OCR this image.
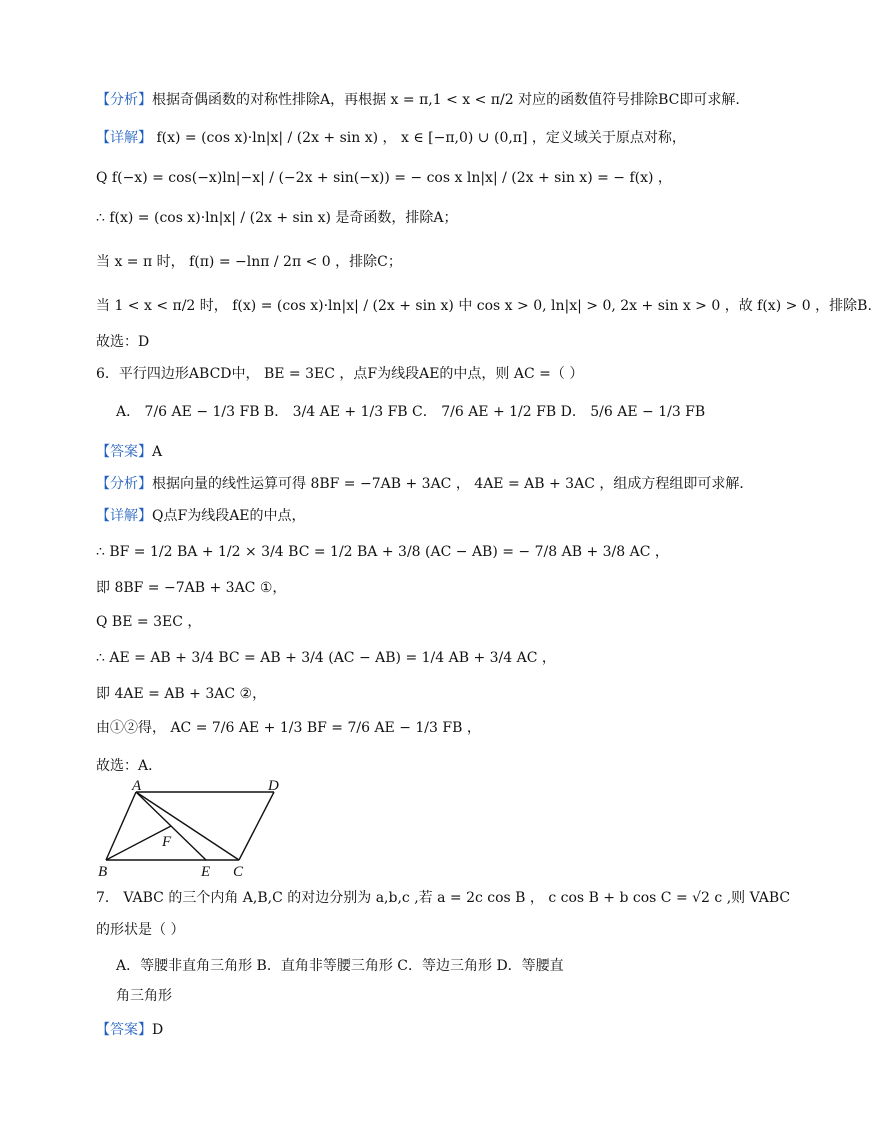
【分析】根据奇偶函数的对称性排除A，再根据 x = π,1 < x < π/2 对应的函数值符号排除BC即可求解.
【详解】 f(x) = (cos x)·ln|x| / (2x + sin x) ， x ∈ [−π,0) ∪ (0,π] ，定义域关于原点对称，
Q f(−x) = cos(−x)ln|−x| / (−2x + sin(−x)) = − cos x ln|x| / (2x + sin x) = − f(x) ，
∴ f(x) = (cos x)·ln|x| / (2x + sin x) 是奇函数，排除A；
当 x = π 时， f(π) = −lnπ / 2π < 0 ，排除C；
当 1 < x < π/2 时， f(x) = (cos x)·ln|x| / (2x + sin x) 中 cos x > 0, ln|x| > 0, 2x + sin x > 0 ，故 f(x) > 0 ，排除B.
故选：D
6．平行四边形ABCD中， BE = 3EC ，点F为线段AE的中点，则 AC =（ ）
A． 7/6 AE − 1/3 FB B． 3/4 AE + 1/3 FB C． 7/6 AE + 1/2 FB D． 5/6 AE − 1/3 FB
【答案】A
【分析】根据向量的线性运算可得 8BF = −7AB + 3AC ， 4AE = AB + 3AC ，组成方程组即可求解．
【详解】Q点F为线段AE的中点，
∴ BF = 1/2 BA + 1/2 × 3/4 BC = 1/2 BA + 3/8 (AC − AB) = − 7/8 AB + 3/8 AC ，
即 8BF = −7AB + 3AC ①，
Q BE = 3EC ，
∴ AE = AB + 3/4 BC = AB + 3/4 (AC − AB) = 1/4 AB + 3/4 AC ，
即 4AE = AB + 3AC ②，
由①②得， AC = 7/6 AE + 1/3 BF = 7/6 AE − 1/3 FB ，
故选：A．
A	D
B	E C
F
7． VABC 的三个内角 A,B,C 的对边分别为 a,b,c ,若 a = 2c cos B ， c cos B + b cos C = √2 c ,则 VABC
的形状是（ ）
A．等腰非直角三角形 B．直角非等腰三角形 C．等边三角形 D．等腰直
角三角形
【答案】D
